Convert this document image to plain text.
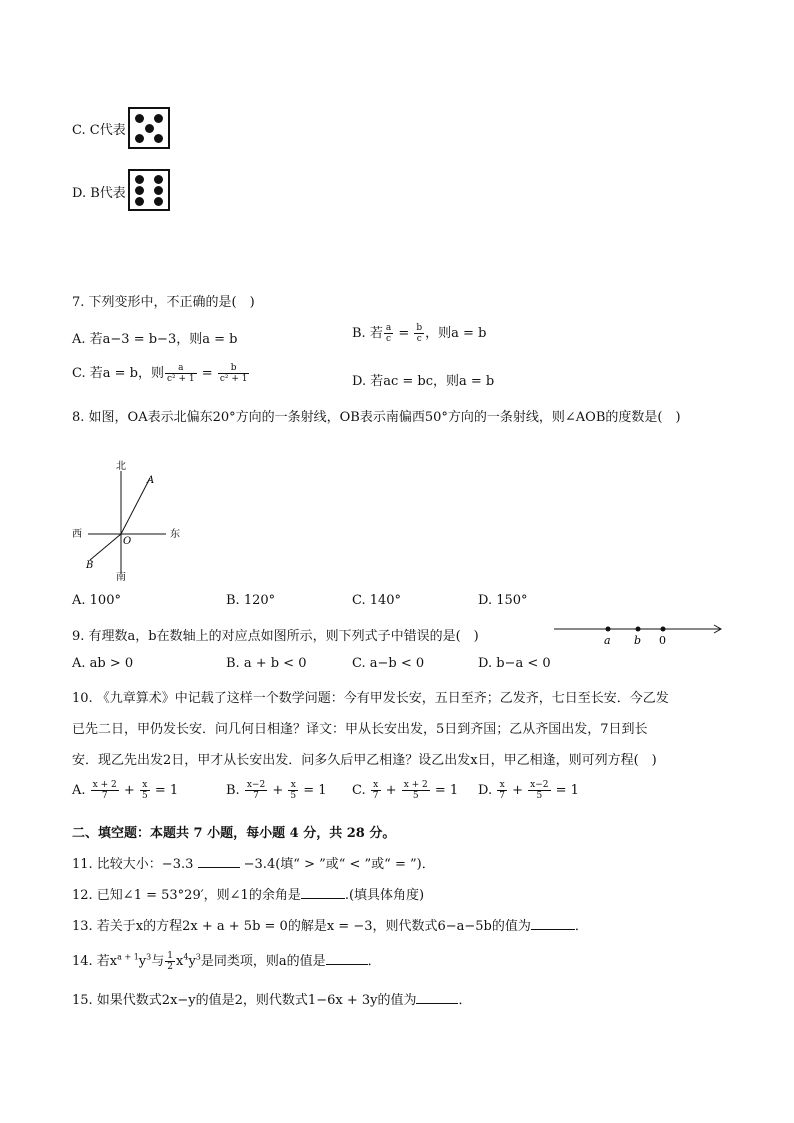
C. C代表
D. B代表
7. 下列变形中，不正确的是(　)
A. 若a−3 = b−3，则a = b	B. 若 $\frac{a}{c} = \frac{b}{c}$ ，则a = b
C. 若a = b，则 $\frac{a}{\text{c² + 1}} = \frac{b}{\text{c² + 1}}$	D. 若ac = bc，则a = b
8. 如图，OA表示北偏东20°方向的一条射线，OB表示南偏西50°方向的一条射线，则∠AOB的度数是(　)
北
南
西	东
A
B
O
A. 100°	B. 120°	C. 140°	D. 150°
9. 有理数a，b在数轴上的对应点如图所示，则下列式子中错误的是(　)	a b 0
A. ab > 0	B. a + b < 0	C. a−b < 0	D. b−a < 0
10. 《九章算术》中记载了这样一个数学问题：今有甲发长安，五日至齐；乙发齐，七日至长安．今乙发
已先二日，甲仍发长安．问几何日相逢？译文：甲从长安出发，5日到齐国；乙从齐国出发，7日到长
安．现乙先出发2日，甲才从长安出发．问多久后甲乙相逢？设乙出发x日，甲乙相逢，则可列方程(　)
A. $\frac{x + 2}{7} + \frac{x}{5} = 1$	B. $\frac{x-2}{7} + \frac{x}{5} = 1$ C. $\frac{x}{7} + \frac{x + 2}{5} = 1$ D. $\frac{x}{7} + \frac{x-2}{5} = 1$
二、填空题：本题共 7 小题，每小题 4 分，共 28 分。
11. 比较大小：−3.3	−3.4(填“ > ”或“ < ”或“ = ”)．
12. 已知∠1 = 53°29′，则∠1的余角是	.(填具体角度)
13. 若关于x的方程2x + a + 5b = 0的解是x = −3，则代数式6−a−5b的值为	．
14. 若$x^{a + 1}y^3$与 $\frac{1}{2} x^4y^3$是同类项，则a的值是	．
15. 如果代数式2x−y的值是2，则代数式1−6x + 3y的值为	．
